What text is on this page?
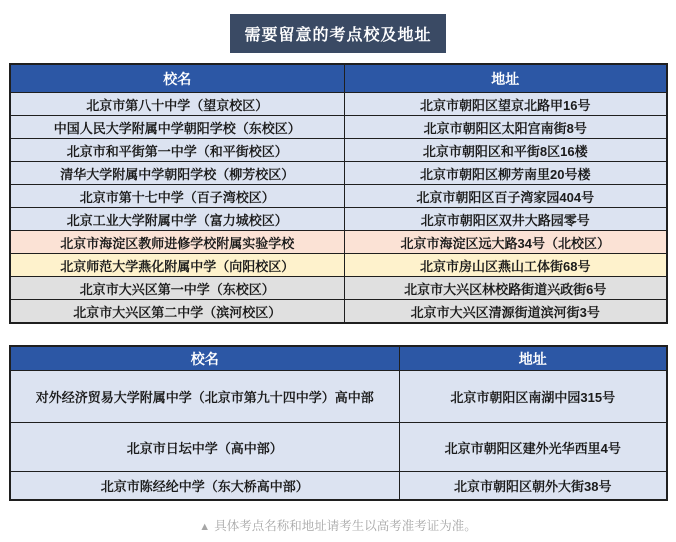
需要留意的考点校及地址
校名	地址
北京市第八十中学（望京校区）	北京市朝阳区望京北路甲16号
中国人民大学附属中学朝阳学校（东校区）	北京市朝阳区太阳宫南街8号
北京市和平街第一中学（和平街校区）	北京市朝阳区和平街8区16楼
清华大学附属中学朝阳学校（柳芳校区）	北京市朝阳区柳芳南里20号楼
北京市第十七中学（百子湾校区）	北京市朝阳区百子湾家园404号
北京工业大学附属中学（富力城校区）	北京市朝阳区双井大路园零号
北京市海淀区教师进修学校附属实验学校	北京市海淀区远大路34号（北校区）
北京师范大学燕化附属中学（向阳校区）	北京市房山区燕山工体街68号
北京市大兴区第一中学（东校区）	北京市大兴区林校路街道兴政街6号
北京市大兴区第二中学（滨河校区）	北京市大兴区清源街道滨河街3号
校名	地址
对外经济贸易大学附属中学（北京市第九十四中学）高中部	北京市朝阳区南湖中园315号
北京市日坛中学（高中部）	北京市朝阳区建外光华西里4号
北京市陈经纶中学（东大桥高中部）	北京市朝阳区朝外大街38号
▲ 具体考点名称和地址请考生以高考准考证为准。
